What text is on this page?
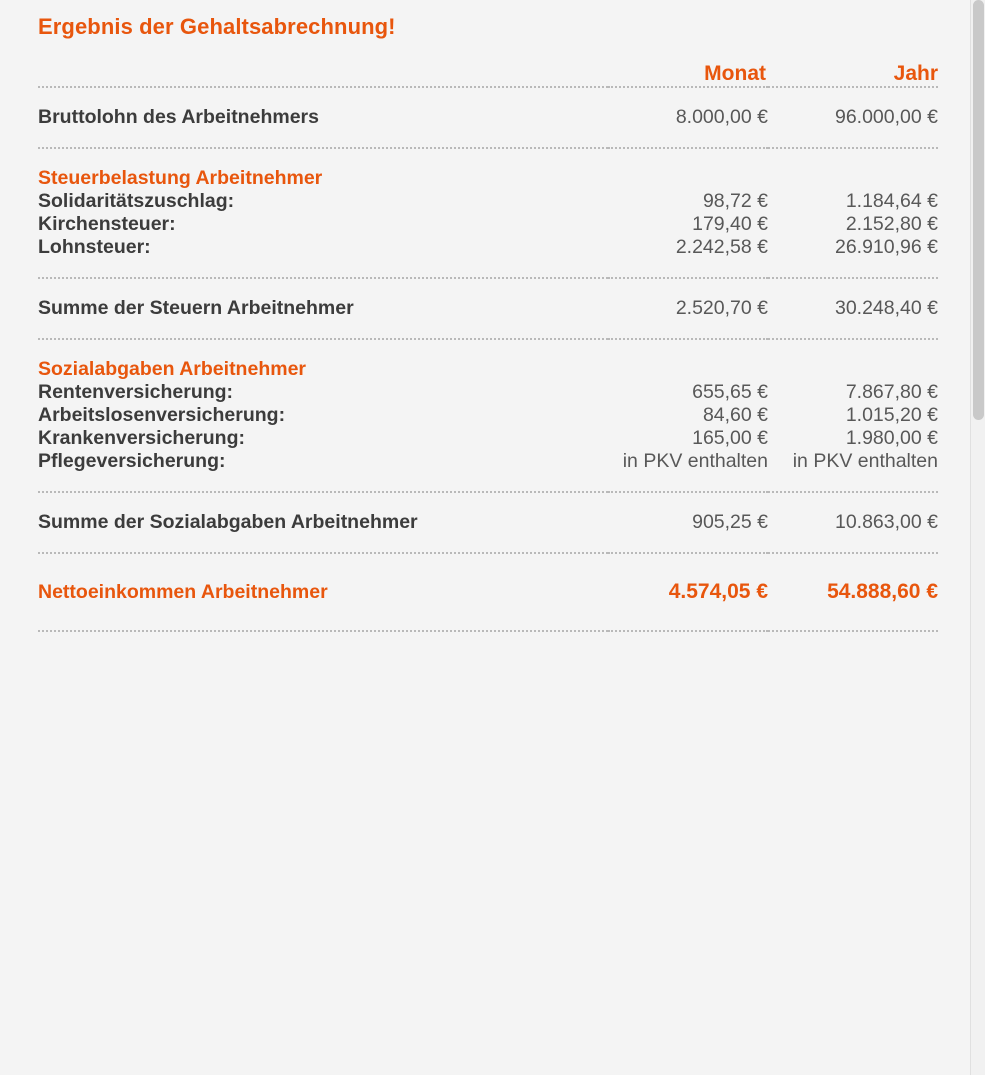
Ergebnis der Gehaltsabrechnung!
	Monat	Jahr

Bruttolohn des Arbeitnehmers	8.000,00 €	96.000,00 €

Steuerbelastung Arbeitnehmer		
Solidaritätszuschlag:	98,72 €	1.184,64 €
Kirchensteuer:	179,40 €	2.152,80 €
Lohnsteuer:	2.242,58 €	26.910,96 €

Summe der Steuern Arbeitnehmer	2.520,70 €	30.248,40 €

Sozialabgaben Arbeitnehmer		
Rentenversicherung:	655,65 €	7.867,80 €
Arbeitslosenversicherung:	84,60 €	1.015,20 €
Krankenversicherung:	165,00 €	1.980,00 €
Pflegeversicherung:	in PKV enthalten	in PKV enthalten

Summe der Sozialabgaben Arbeitnehmer	905,25 €	10.863,00 €

Nettoeinkommen Arbeitnehmer	4.574,05 €	54.888,60 €
